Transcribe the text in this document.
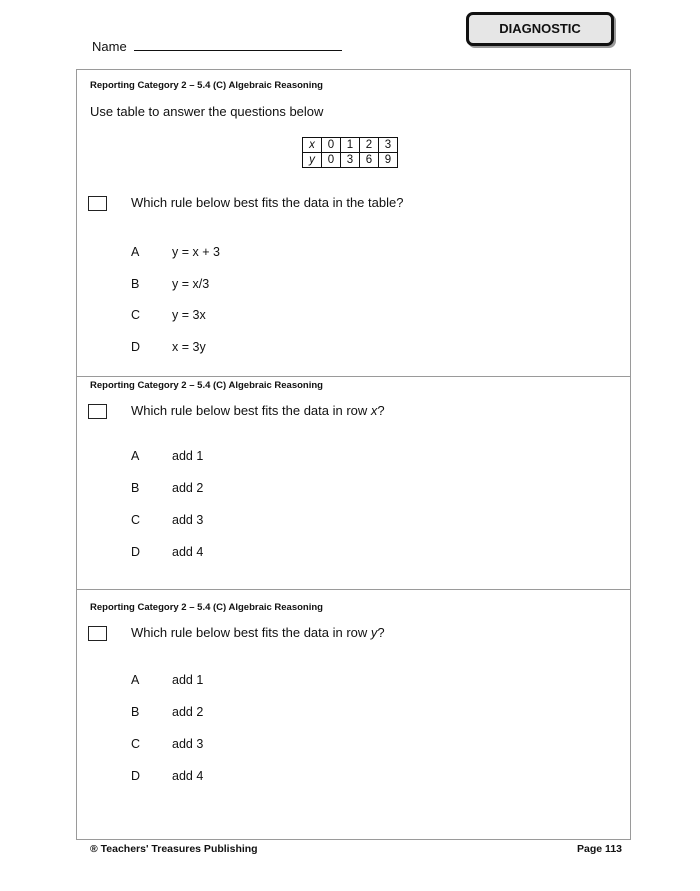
Name
DIAGNOSTIC
Reporting Category 2 – 5.4 (C) Algebraic Reasoning
Use table to answer the questions below
x	0	1	2	3
y	0	3	6	9
Which rule below best fits the data in the table?
A	y = x + 3
B	y = x/3
C	y = 3x
D	x = 3y
Reporting Category 2 – 5.4 (C) Algebraic Reasoning
Which rule below best fits the data in row x?
A	add 1
B	add 2
C	add 3
D	add 4
Reporting Category 2 – 5.4 (C) Algebraic Reasoning
Which rule below best fits the data in row y?
A	add 1
B	add 2
C	add 3
D	add 4
® Teachers' Treasures Publishing	Page 113
